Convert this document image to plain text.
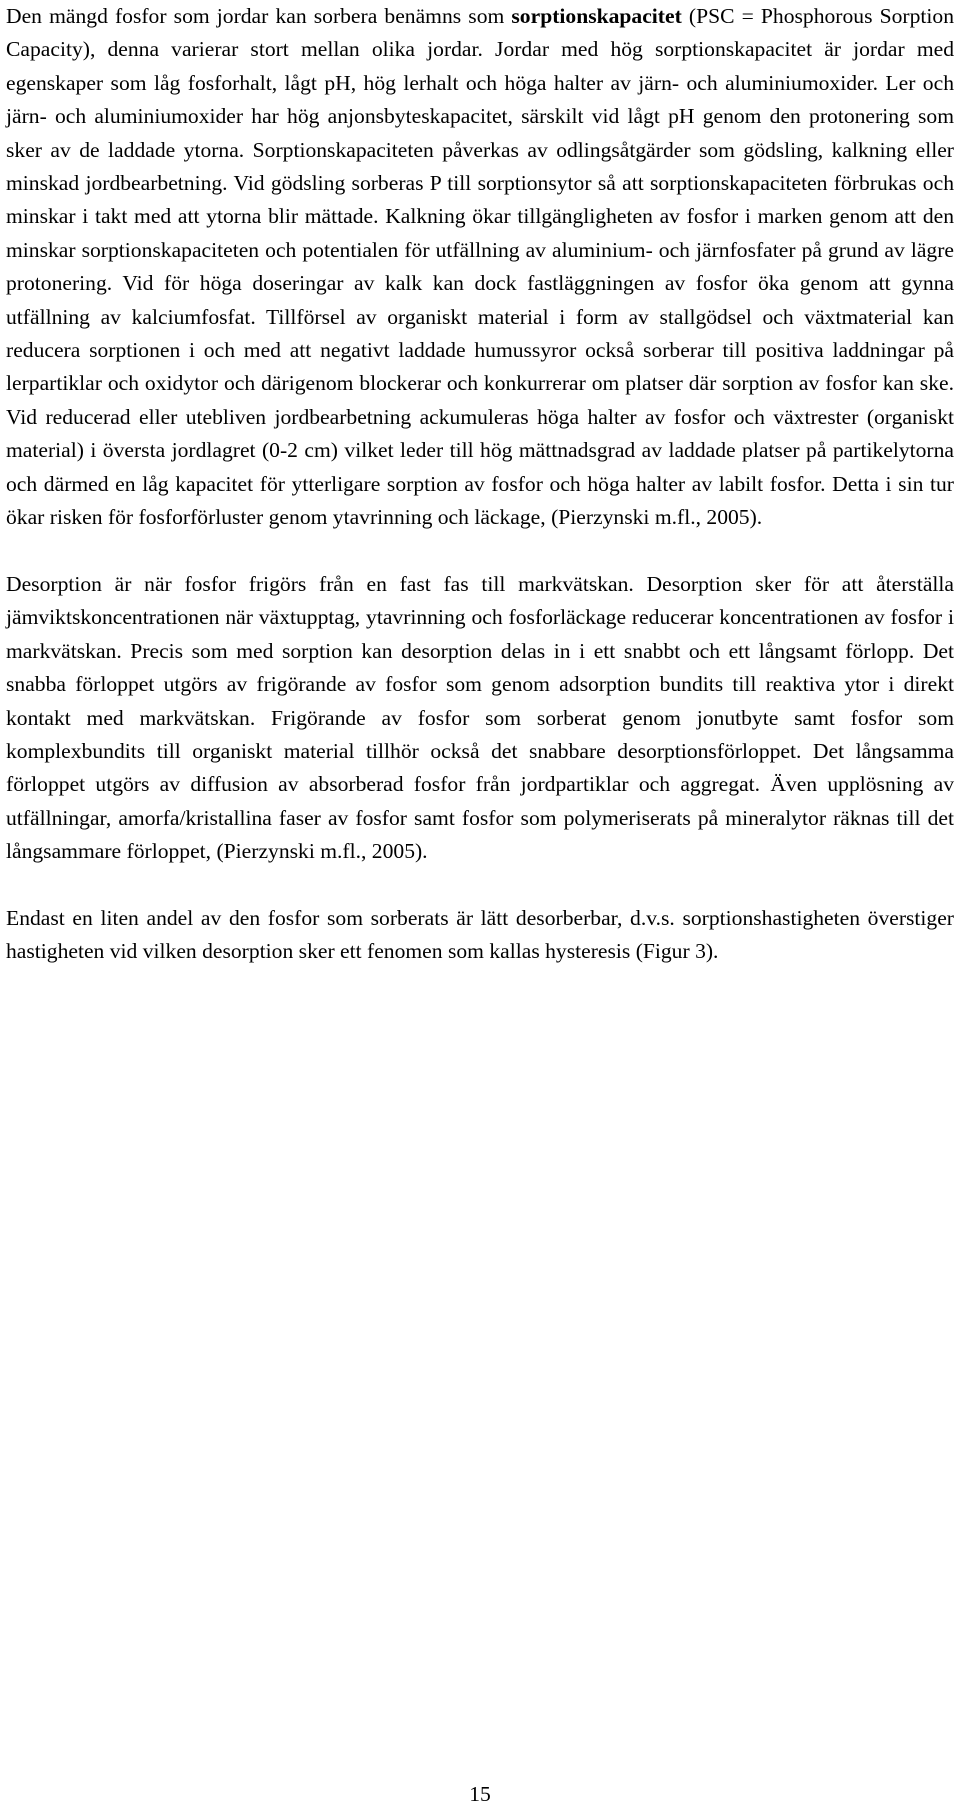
Den mängd fosfor som jordar kan sorbera benämns som sorptionskapacitet (PSC = Phosphorous Sorption Capacity), denna varierar stort mellan olika jordar. Jordar med hög sorptionskapacitet är jordar med egenskaper som låg fosforhalt, lågt pH, hög lerhalt och höga halter av järn- och aluminiumoxider. Ler och järn- och aluminiumoxider har hög anjonsbyteskapacitet, särskilt vid lågt pH genom den protonering som sker av de laddade ytorna. Sorptionskapaciteten påverkas av odlingsåtgärder som gödsling, kalkning eller minskad jordbearbetning. Vid gödsling sorberas P till sorptionsytor så att sorptionskapaciteten förbrukas och minskar i takt med att ytorna blir mättade. Kalkning ökar tillgängligheten av fosfor i marken genom att den minskar sorptionskapaciteten och potentialen för utfällning av aluminium- och järnfosfater på grund av lägre protonering. Vid för höga doseringar av kalk kan dock fastläggningen av fosfor öka genom att gynna utfällning av kalciumfosfat. Tillförsel av organiskt material i form av stallgödsel och växtmaterial kan reducera sorptionen i och med att negativt laddade humussyror också sorberar till positiva laddningar på lerpartiklar och oxidytor och därigenom blockerar och konkurrerar om platser där sorption av fosfor kan ske. Vid reducerad eller utebliven jordbearbetning ackumuleras höga halter av fosfor och växtrester (organiskt material) i översta jordlagret (0-2 cm) vilket leder till hög mättnadsgrad av laddade platser på partikelytorna och därmed en låg kapacitet för ytterligare sorption av fosfor och höga halter av labilt fosfor. Detta i sin tur ökar risken för fosforförluster genom ytavrinning och läckage, (Pierzynski m.fl., 2005).

Desorption är när fosfor frigörs från en fast fas till markvätskan. Desorption sker för att återställa jämviktskoncentrationen när växtupptag, ytavrinning och fosforläckage reducerar koncentrationen av fosfor i markvätskan. Precis som med sorption kan desorption delas in i ett snabbt och ett långsamt förlopp. Det snabba förloppet utgörs av frigörande av fosfor som genom adsorption bundits till reaktiva ytor i direkt kontakt med markvätskan. Frigörande av fosfor som sorberat genom jonutbyte samt fosfor som komplexbundits till organiskt material tillhör också det snabbare desorptionsförloppet. Det långsamma förloppet utgörs av diffusion av absorberad fosfor från jordpartiklar och aggregat. Även upplösning av utfällningar, amorfa/kristallina faser av fosfor samt fosfor som polymeriserats på mineralytor räknas till det långsammare förloppet, (Pierzynski m.fl., 2005).

Endast en liten andel av den fosfor som sorberats är lätt desorberbar, d.v.s. sorptionshastigheten överstiger hastigheten vid vilken desorption sker ett fenomen som kallas hysteresis (Figur 3).

15
